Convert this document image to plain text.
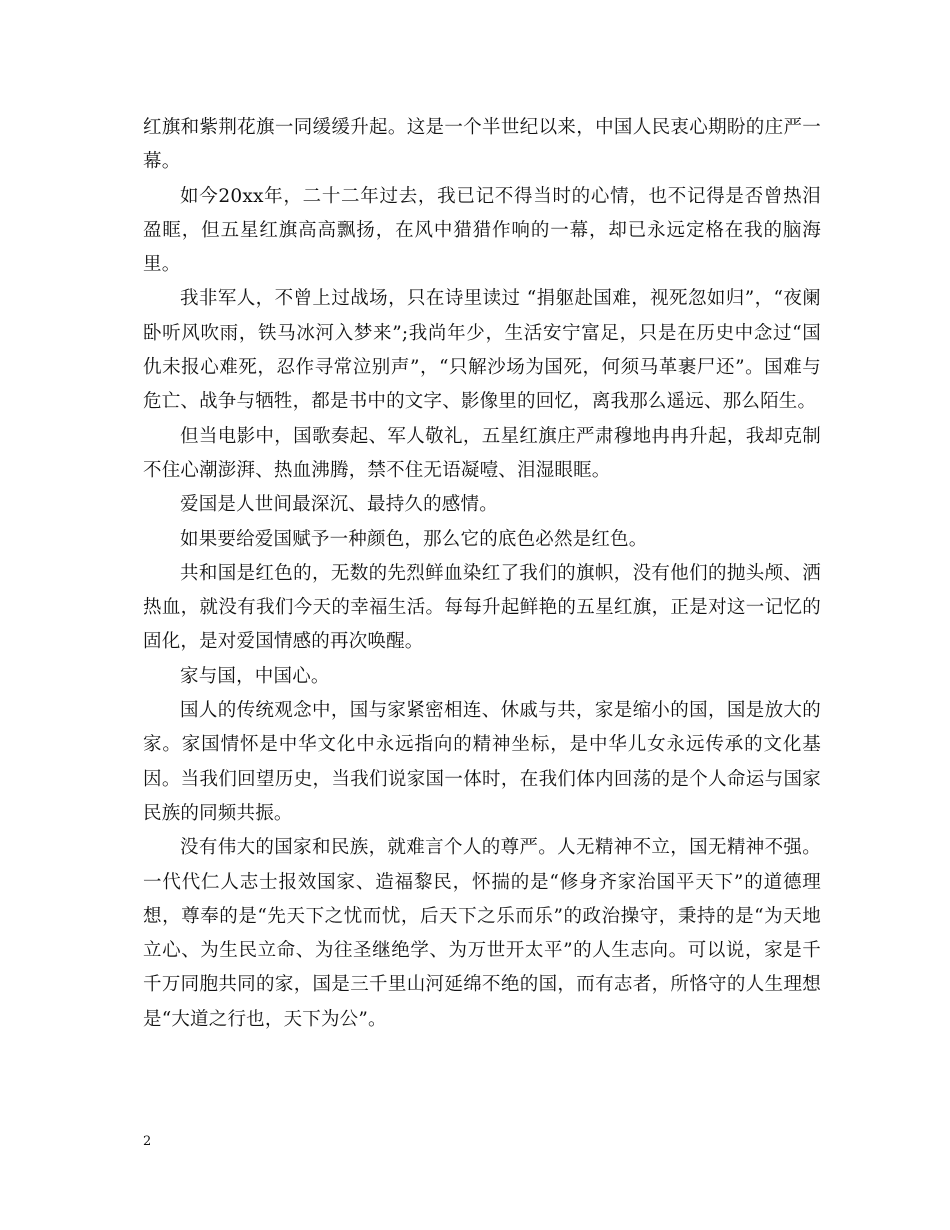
红旗和紫荆花旗一同缓缓升起。这是一个半世纪以来，中国人民衷心期盼的庄严一幕。

如今20xx年，二十二年过去，我已记不得当时的心情，也不记得是否曾热泪盈眶，但五星红旗高高飘扬，在风中猎猎作响的一幕，却已永远定格在我的脑海里。

我非军人，不曾上过战场，只在诗里读过 “捐躯赴国难，视死忽如归”，“夜阑卧听风吹雨，铁马冰河入梦来”;我尚年少，生活安宁富足，只是在历史中念过“国仇未报心难死，忍作寻常泣别声”，“只解沙场为国死，何须马革裹尸还”。国难与危亡、战争与牺牲，都是书中的文字、影像里的回忆，离我那么遥远、那么陌生。

但当电影中，国歌奏起、军人敬礼，五星红旗庄严肃穆地冉冉升起，我却克制不住心潮澎湃、热血沸腾，禁不住无语凝噎、泪湿眼眶。

爱国是人世间最深沉、最持久的感情。

如果要给爱国赋予一种颜色，那么它的底色必然是红色。

共和国是红色的，无数的先烈鲜血染红了我们的旗帜，没有他们的抛头颅、洒热血，就没有我们今天的幸福生活。每每升起鲜艳的五星红旗，正是对这一记忆的固化，是对爱国情感的再次唤醒。

家与国，中国心。

国人的传统观念中，国与家紧密相连、休戚与共，家是缩小的国，国是放大的家。家国情怀是中华文化中永远指向的精神坐标，是中华儿女永远传承的文化基因。当我们回望历史，当我们说家国一体时，在我们体内回荡的是个人命运与国家民族的同频共振。

没有伟大的国家和民族，就难言个人的尊严。人无精神不立，国无精神不强。一代代仁人志士报效国家、造福黎民，怀揣的是“修身齐家治国平天下”的道德理想，尊奉的是“先天下之忧而忧，后天下之乐而乐”的政治操守，秉持的是“为天地立心、为生民立命、为往圣继绝学、为万世开太平”的人生志向。可以说，家是千千万同胞共同的家，国是三千里山河延绵不绝的国，而有志者，所恪守的人生理想是“大道之行也，天下为公”。

2
